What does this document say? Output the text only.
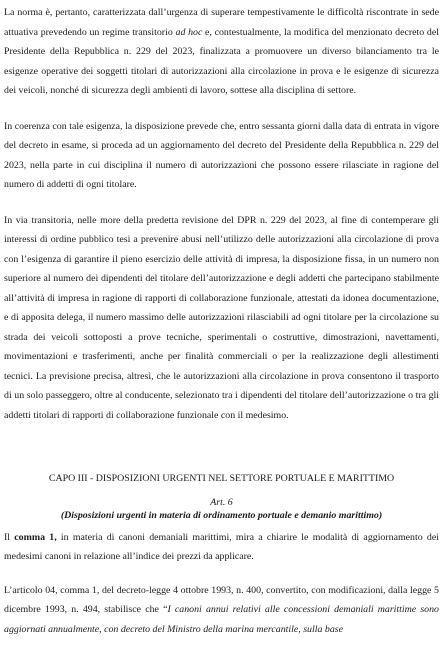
La norma è, pertanto, caratterizzata dall’urgenza di superare tempestivamente le difficoltà riscontrate in sede attuativa prevedendo un regime transitorio ad hoc e, contestualmente, la modifica del menzionato decreto del Presidente della Repubblica n. 229 del 2023, finalizzata a promuovere un diverso bilanciamento tra le esigenze operative dei soggetti titolari di autorizzazioni alla circolazione in prova e le esigenze di sicurezza dei veicoli, nonché di sicurezza degli ambienti di lavoro, sottese alla disciplina di settore.

In coerenza con tale esigenza, la disposizione prevede che, entro sessanta giorni dalla data di entrata in vigore del decreto in esame, si proceda ad un aggiornamento del decreto del Presidente della Repubblica n. 229 del 2023, nella parte in cui disciplina il numero di autorizzazioni che possono essere rilasciate in ragione del numero di addetti di ogni titolare.

In via transitoria, nelle more della predetta revisione del DPR n. 229 del 2023, al fine di contemperare gli interessi di ordine pubblico tesi a prevenire abusi nell’utilizzo delle autorizzazioni alla circolazione di prova con l’esigenza di garantire il pieno esercizio delle attività di impresa, la disposizione fissa, in un numero non superiore al numero dei dipendenti del titolare dell’autorizzazione e degli addetti che partecipano stabilmente all’attività di impresa in ragione di rapporti di collaborazione funzionale, attestati da idonea documentazione, e di apposita delega, il numero massimo delle autorizzazioni rilasciabili ad ogni titolare per la circolazione su strada dei veicoli sottoposti a prove tecniche, sperimentali o costruttive, dimostrazioni, navettamenti, movimentazioni e trasferimenti, anche per finalità commerciali o per la realizzazione degli allestimenti tecnici. La previsione precisa, altresì, che le autorizzazioni alla circolazione in prova consentono il trasporto di un solo passeggero, oltre al conducente, selezionato tra i dipendenti del titolare dell’autorizzazione o tra gli addetti titolari di rapporti di collaborazione funzionale con il medesimo.

CAPO III - DISPOSIZIONI URGENTI NEL SETTORE PORTUALE E MARITTIMO

Art. 6

(Disposizioni urgenti in materia di ordinamento portuale e demanio marittimo)

Il comma 1, in materia di canoni demaniali marittimi, mira a chiarire le modalità di aggiornamento dei medesimi canoni in relazione all’indice dei prezzi da applicare.

L’articolo 04, comma 1, del decreto-legge 4 ottobre 1993, n. 400, convertito, con modificazioni, dalla legge 5 dicembre 1993, n. 494, stabilisce che “I canoni annui relativi alle concessioni demaniali marittime sono aggiornati annualmente, con decreto del Ministro della marina mercantile, sulla base
